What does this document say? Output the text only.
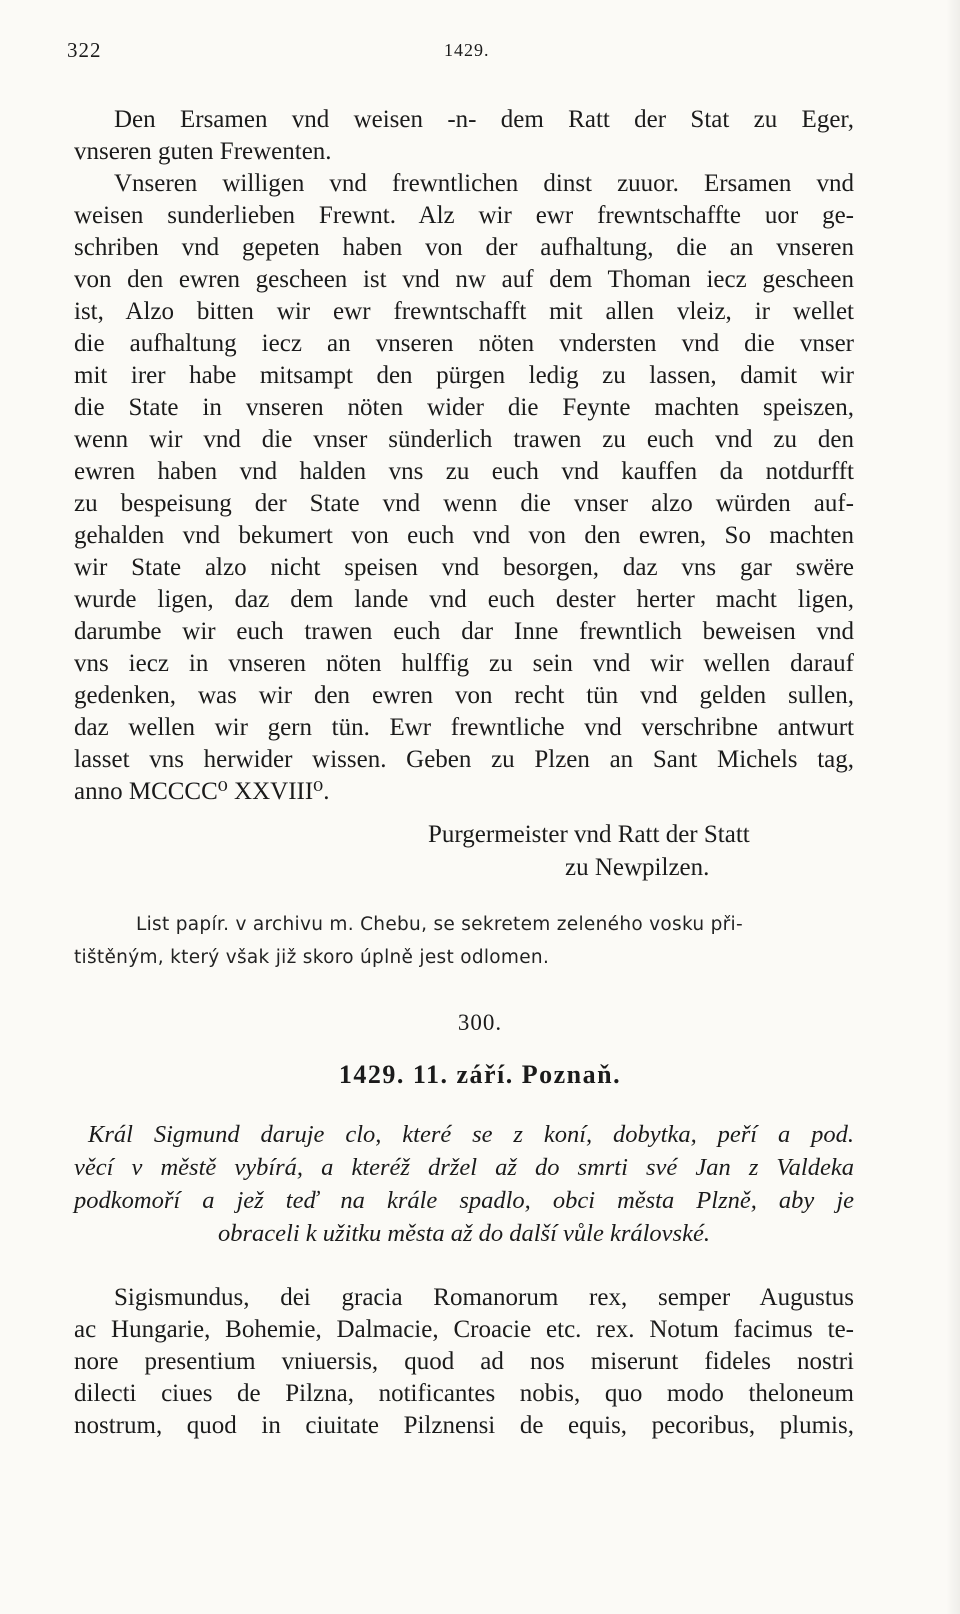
322	1429.
Den Ersamen vnd weisen -n- dem Ratt der Stat zu Eger,
vnseren guten Frewenten.
Vnseren willigen vnd frewntlichen dinst zuuor. Ersamen vnd
weisen sunderlieben Frewnt. Alz wir ewr frewntschaffte uor ge-
schriben vnd gepeten haben von der aufhaltung, die an vnseren
von den ewren gescheen ist vnd nw auf dem Thoman iecz gescheen
ist, Alzo bitten wir ewr frewntschafft mit allen vleiz, ir wellet
die aufhaltung iecz an vnseren nöten vndersten vnd die vnser
mit irer habe mitsampt den pürgen ledig zu lassen, damit wir
die State in vnseren nöten wider die Feynte machten speiszen,
wenn wir vnd die vnser sünderlich trawen zu euch vnd zu den
ewren haben vnd halden vns zu euch vnd kauffen da notdurfft
zu bespeisung der State vnd wenn die vnser alzo würden auf-
gehalden vnd bekumert von euch vnd von den ewren, So machten
wir State alzo nicht speisen vnd besorgen, daz vns gar swëre
wurde ligen, daz dem lande vnd euch dester herter macht ligen,
darumbe wir euch trawen euch dar Inne frewntlich beweisen vnd
vns iecz in vnseren nöten hulffig zu sein vnd wir wellen darauf
gedenken, was wir den ewren von recht tün vnd gelden sullen,
daz wellen wir gern tün. Ewr frewntliche vnd verschribne antwurt
lasset vns herwider wissen. Geben zu Plzen an Sant Michels tag,
anno MCCCC⁰ XXVIII⁰.
Purgermeister vnd Ratt der Statt
zu Newpilzen.
List papír. v archivu m. Chebu, se sekretem zeleného vosku při-
tištěným, který však již skoro úplně jest odlomen.
300.
1429. 11. září. Poznaň.
Král Sigmund daruje clo, které se z koní, dobytka, peří a pod.
věcí v městě vybírá, a kteréž držel až do smrti své Jan z Valdeka
podkomoří a jež teď na krále spadlo, obci města Plzně, aby je
obraceli k užitku města až do další vůle královské.
Sigismundus, dei gracia Romanorum rex, semper Augustus
ac Hungarie, Bohemie, Dalmacie, Croacie etc. rex. Notum facimus te-
nore presentium vniuersis, quod ad nos miserunt fideles nostri
dilecti ciues de Pilzna, notificantes nobis, quo modo theloneum
nostrum, quod in ciuitate Pilznensi de equis, pecoribus, plumis,
